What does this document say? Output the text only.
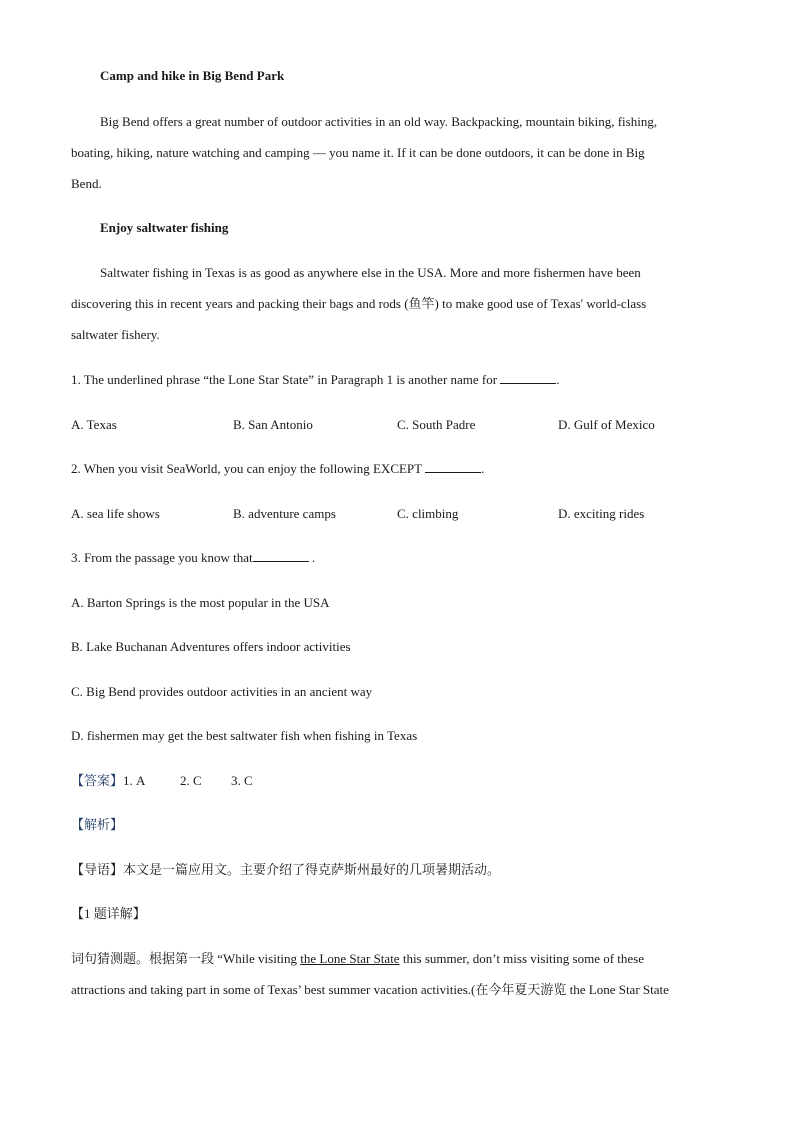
Camp and hike in Big Bend Park
Big Bend offers a great number of outdoor activities in an old way. Backpacking, mountain biking, fishing,
boating, hiking, nature watching and camping — you name it. If it can be done outdoors, it can be done in Big
Bend.
Enjoy saltwater fishing
Saltwater fishing in Texas is as good as anywhere else in the USA. More and more fishermen have been
discovering this in recent years and packing their bags and rods (鱼竿) to make good use of Texas' world-class
saltwater fishery.
1. The underlined phrase “the Lone Star State” in Paragraph 1 is another name for	.
A. Texas	B. San Antonio	C. South Padre	D. Gulf of Mexico
2. When you visit SeaWorld, you can enjoy the following EXCEPT	.
A. sea life shows	B. adventure camps	C. climbing	D. exciting rides
3. From the passage you know that	.
A. Barton Springs is the most popular in the USA
B. Lake Buchanan Adventures offers indoor activities
C. Big Bend provides outdoor activities in an ancient way
D. fishermen may get the best saltwater fish when fishing in Texas
【答案】1. A	2. C 3. C
【解析】
【导语】本文是一篇应用文。主要介绍了得克萨斯州最好的几项暑期活动。
【1 题详解】
词句猜测题。根据第一段 “While visiting the Lone Star State this summer, don’t miss visiting some of these
attractions and taking part in some of Texas’ best summer vacation activities.(在今年夏天游览 the Lone Star State
